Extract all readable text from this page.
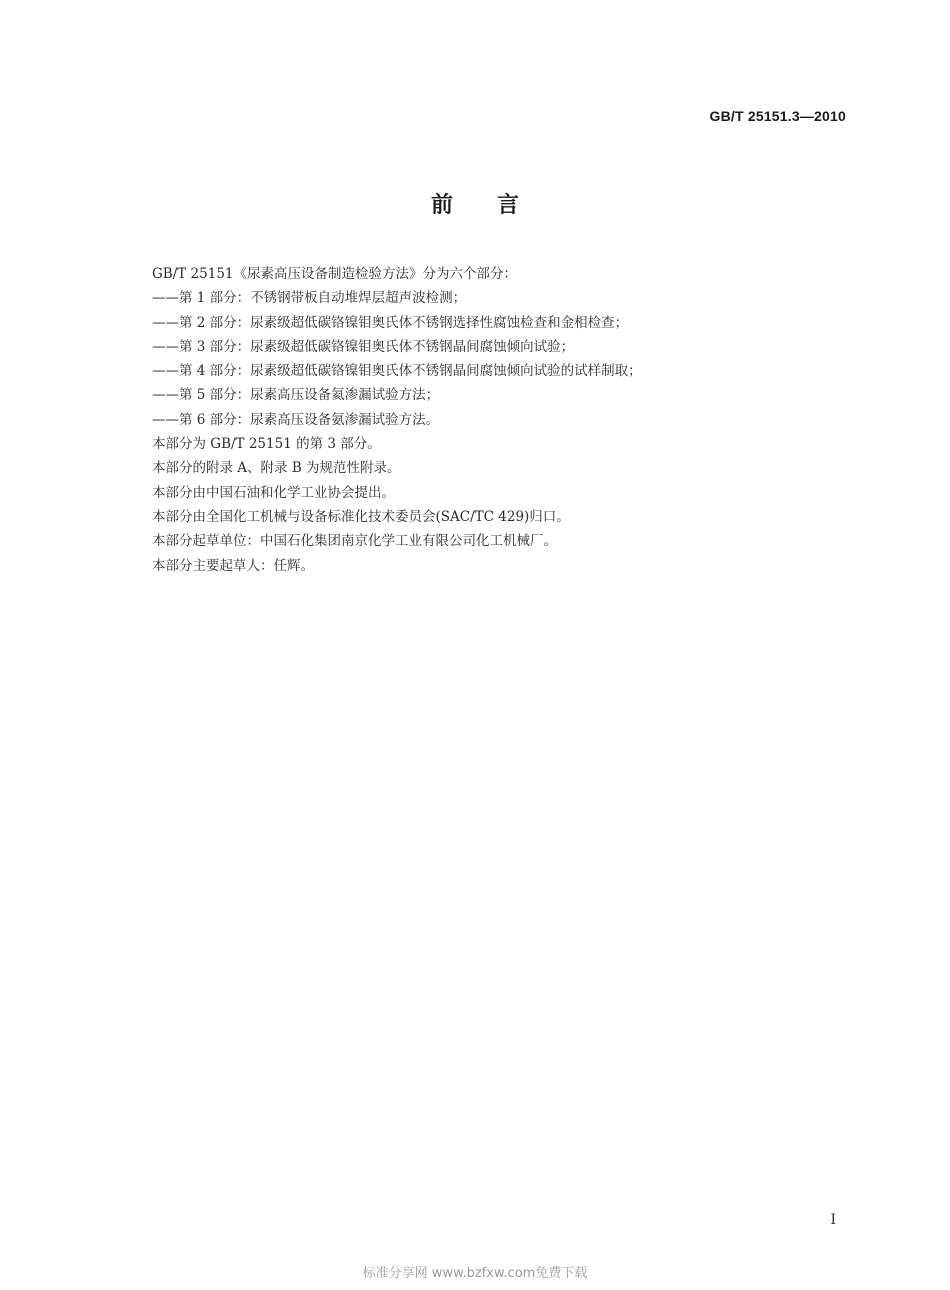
GB/T 25151.3—2010
前言
GB/T 25151《尿素高压设备制造检验方法》分为六个部分：
——第 1 部分：不锈钢带板自动堆焊层超声波检测；
——第 2 部分：尿素级超低碳铬镍钼奥氏体不锈钢选择性腐蚀检查和金相检查；
——第 3 部分：尿素级超低碳铬镍钼奥氏体不锈钢晶间腐蚀倾向试验；
——第 4 部分：尿素级超低碳铬镍钼奥氏体不锈钢晶间腐蚀倾向试验的试样制取；
——第 5 部分：尿素高压设备氦渗漏试验方法；
——第 6 部分：尿素高压设备氨渗漏试验方法。
本部分为 GB/T 25151 的第 3 部分。
本部分的附录 A、附录 B 为规范性附录。
本部分由中国石油和化学工业协会提出。
本部分由全国化工机械与设备标准化技术委员会(SAC/TC 429)归口。
本部分起草单位：中国石化集团南京化学工业有限公司化工机械厂。
本部分主要起草人：任辉。
I
标准分享网 www.bzfxw.com免费下载
